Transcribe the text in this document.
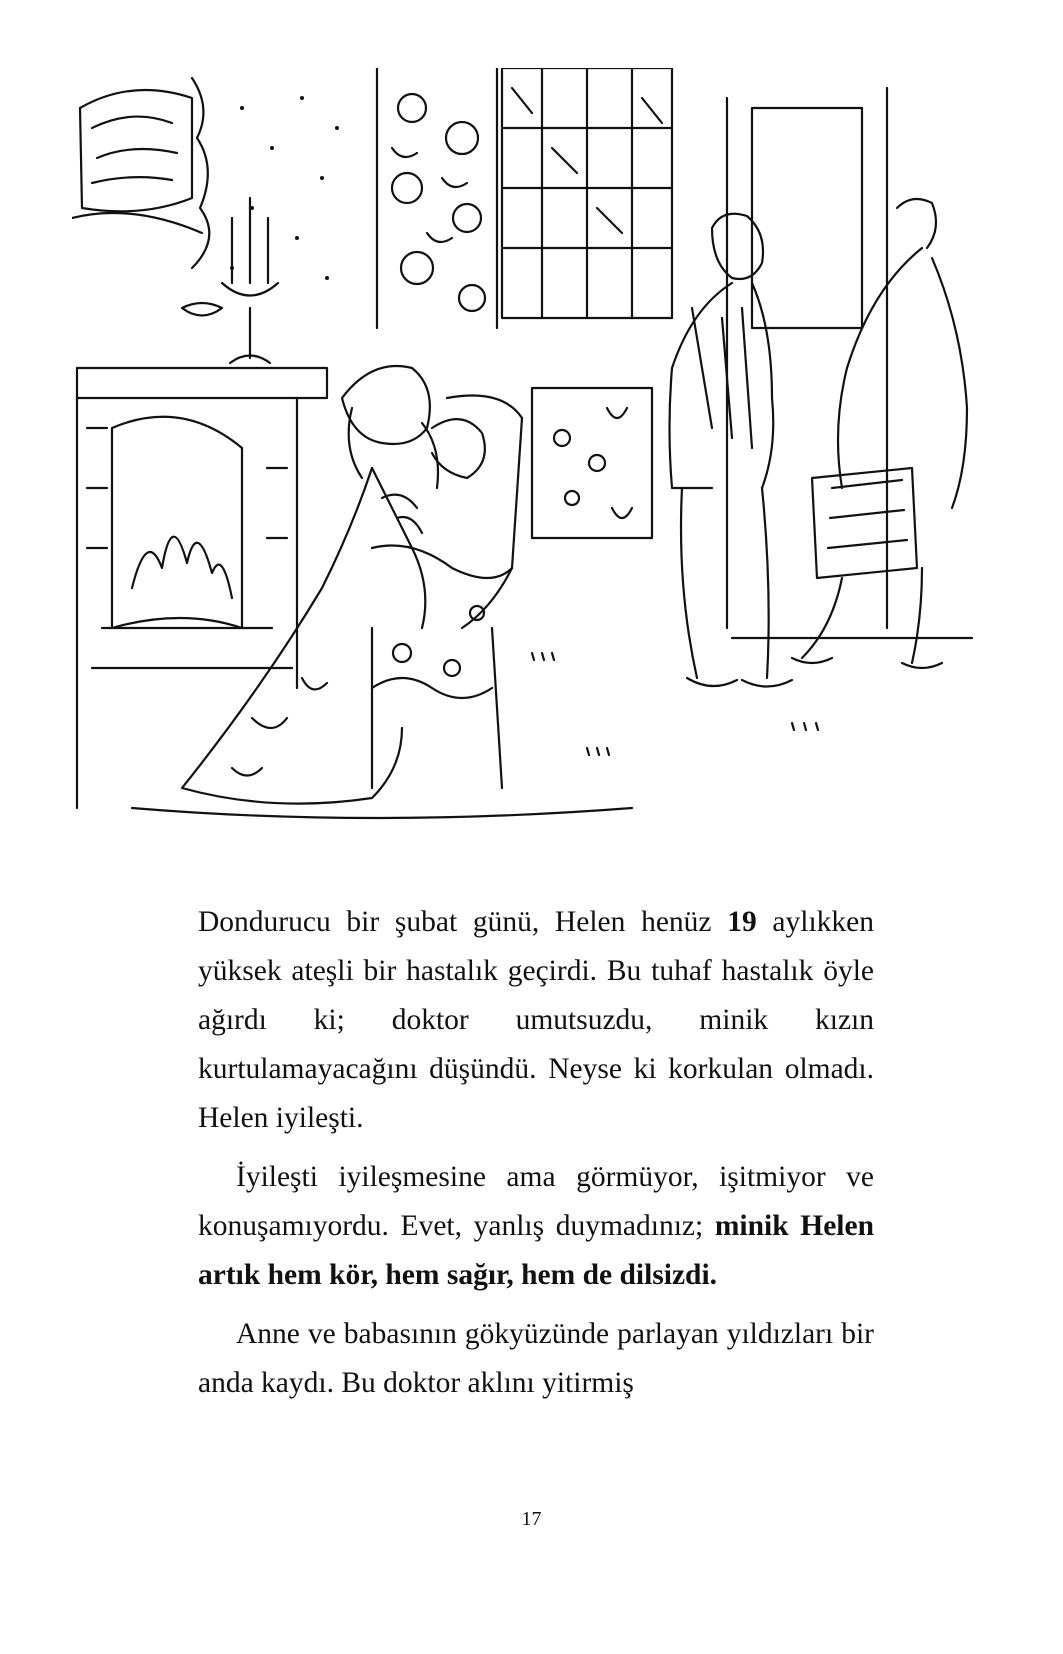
Dondurucu bir şubat günü, Helen henüz 19 aylıkken yüksek ateşli bir hastalık geçirdi. Bu tuhaf hastalık öyle ağırdı ki; doktor umutsuzdu, minik kızın kurtulamayacağını düşündü. Neyse ki korkulan olmadı. Helen iyileşti.

İyileşti iyileşmesine ama görmüyor, işitmiyor ve konuşamıyordu. Evet, yanlış duymadınız; minik Helen artık hem kör, hem sağır, hem de dilsizdi.

Anne ve babasının gökyüzünde parlayan yıldızları bir anda kaydı. Bu doktor aklını yitirmiş

17
